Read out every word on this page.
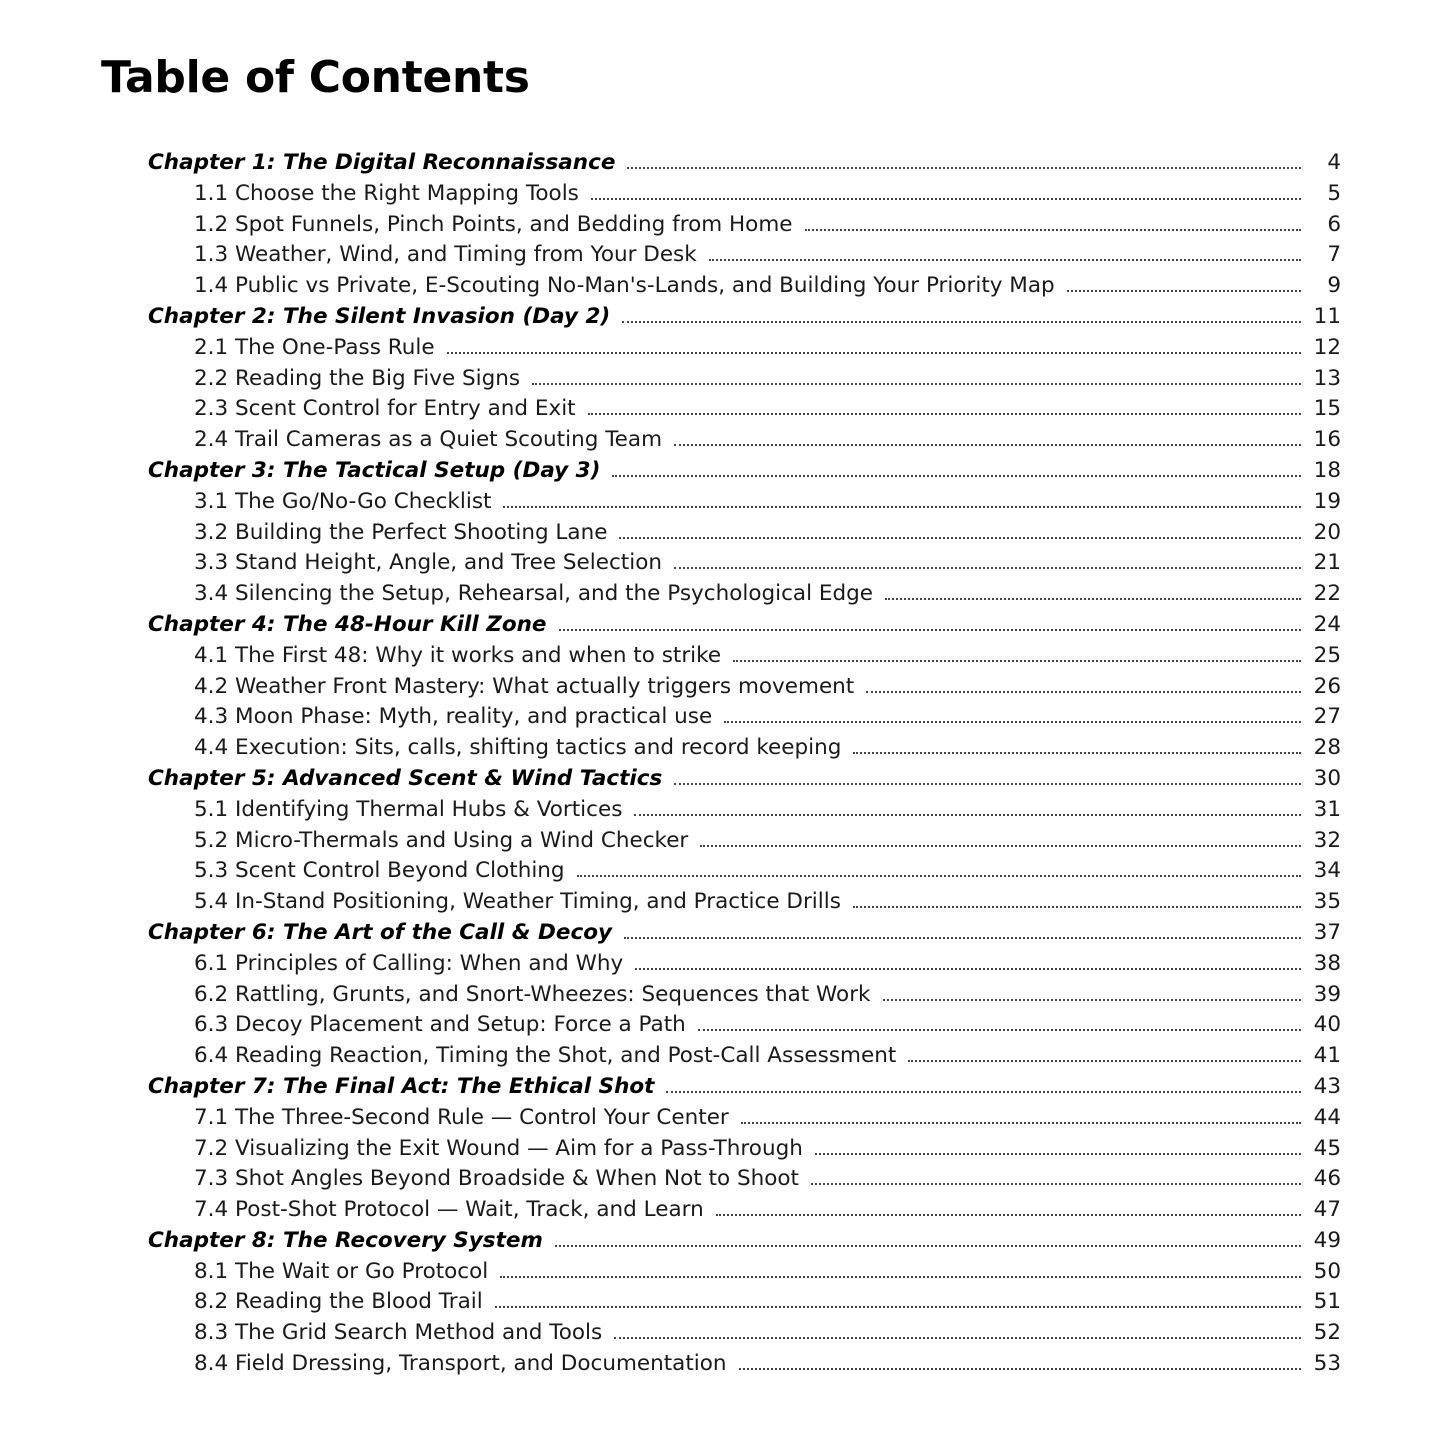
Table of Contents
Chapter 1: The Digital Reconnaissance	4
1.1 Choose the Right Mapping Tools	5
1.2 Spot Funnels, Pinch Points, and Bedding from Home	6
1.3 Weather, Wind, and Timing from Your Desk	7
1.4 Public vs Private, E-Scouting No-Man's-Lands, and Building Your Priority Map	9
Chapter 2: The Silent Invasion (Day 2)	11
2.1 The One-Pass Rule	12
2.2 Reading the Big Five Signs	13
2.3 Scent Control for Entry and Exit	15
2.4 Trail Cameras as a Quiet Scouting Team	16
Chapter 3: The Tactical Setup (Day 3)	18
3.1 The Go/No-Go Checklist	19
3.2 Building the Perfect Shooting Lane	20
3.3 Stand Height, Angle, and Tree Selection	21
3.4 Silencing the Setup, Rehearsal, and the Psychological Edge	22
Chapter 4: The 48-Hour Kill Zone	24
4.1 The First 48: Why it works and when to strike	25
4.2 Weather Front Mastery: What actually triggers movement	26
4.3 Moon Phase: Myth, reality, and practical use	27
4.4 Execution: Sits, calls, shifting tactics and record keeping	28
Chapter 5: Advanced Scent & Wind Tactics	30
5.1 Identifying Thermal Hubs & Vortices	31
5.2 Micro-Thermals and Using a Wind Checker	32
5.3 Scent Control Beyond Clothing	34
5.4 In-Stand Positioning, Weather Timing, and Practice Drills	35
Chapter 6: The Art of the Call & Decoy	37
6.1 Principles of Calling: When and Why	38
6.2 Rattling, Grunts, and Snort-Wheezes: Sequences that Work	39
6.3 Decoy Placement and Setup: Force a Path	40
6.4 Reading Reaction, Timing the Shot, and Post-Call Assessment	41
Chapter 7: The Final Act: The Ethical Shot	43
7.1 The Three-Second Rule — Control Your Center	44
7.2 Visualizing the Exit Wound — Aim for a Pass-Through	45
7.3 Shot Angles Beyond Broadside & When Not to Shoot	46
7.4 Post-Shot Protocol — Wait, Track, and Learn	47
Chapter 8: The Recovery System	49
8.1 The Wait or Go Protocol	50
8.2 Reading the Blood Trail	51
8.3 The Grid Search Method and Tools	52
8.4 Field Dressing, Transport, and Documentation	53
